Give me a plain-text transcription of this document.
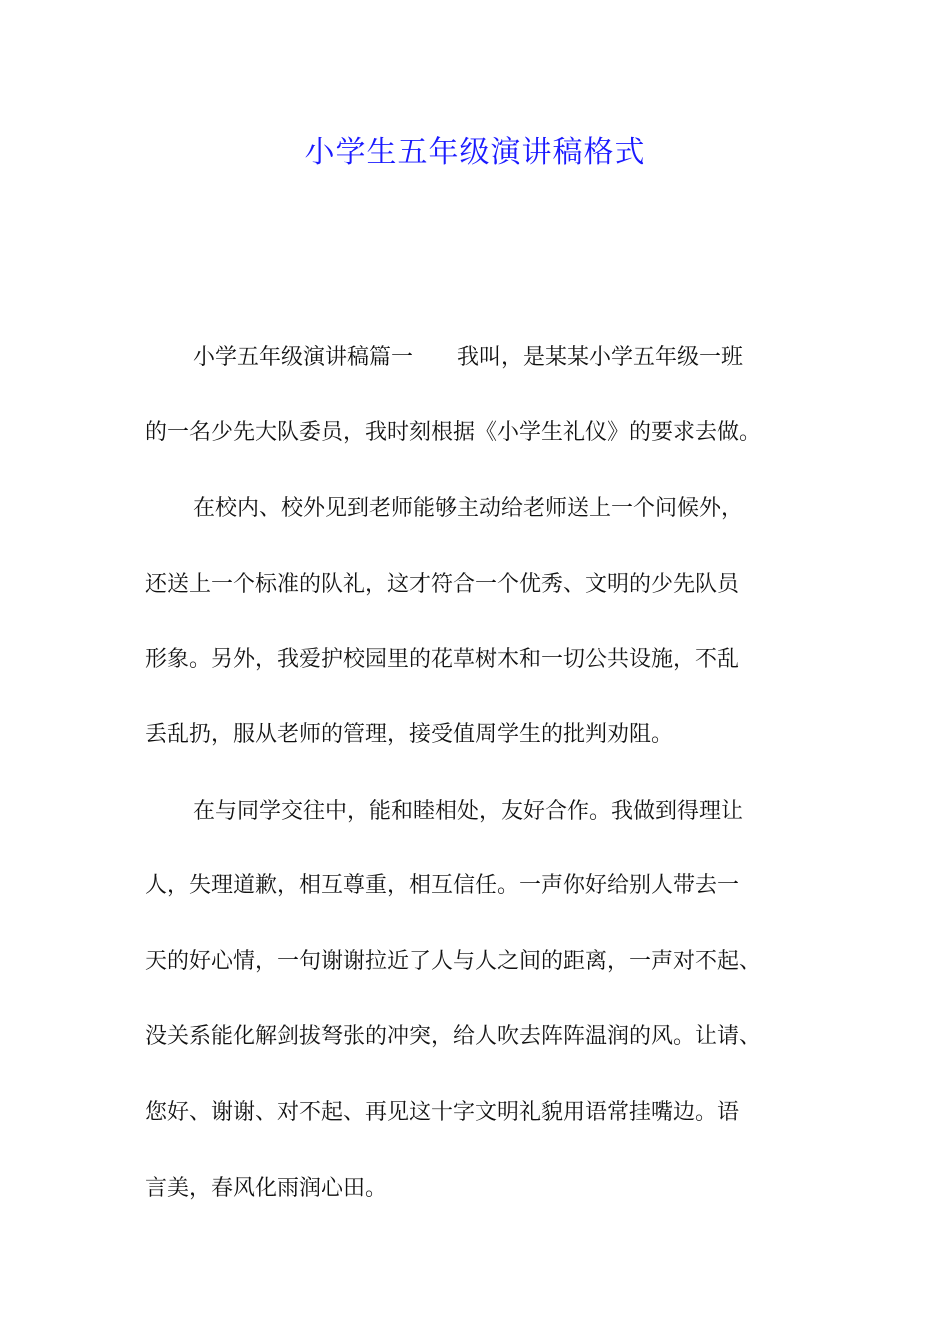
小学生五年级演讲稿格式
小学五年级演讲稿篇一　　我叫，是某某小学五年级一班
的一名少先大队委员，我时刻根据《小学生礼仪》的要求去做。
在校内、校外见到老师能够主动给老师送上一个问候外，
还送上一个标准的队礼，这才符合一个优秀、文明的少先队员
形象。另外，我爱护校园里的花草树木和一切公共设施，不乱
丢乱扔，服从老师的管理，接受值周学生的批判劝阻。
在与同学交往中，能和睦相处，友好合作。我做到得理让
人，失理道歉，相互尊重，相互信任。一声你好给别人带去一
天的好心情，一句谢谢拉近了人与人之间的距离，一声对不起、
没关系能化解剑拔弩张的冲突，给人吹去阵阵温润的风。让请、
您好、谢谢、对不起、再见这十字文明礼貌用语常挂嘴边。语
言美，春风化雨润心田。
